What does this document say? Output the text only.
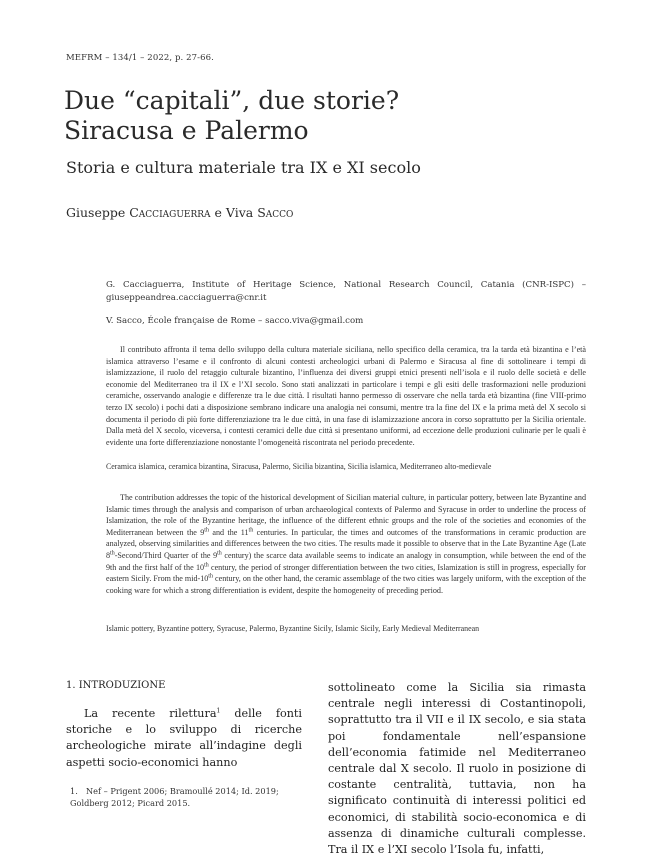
MEFRM – 134/1 – 2022, p. 27-66.
Due “capitali”, due storie?
Siracusa e Palermo
Storia e cultura materiale tra IX e XI secolo
Giuseppe Cacciaguerra e Viva Sacco
G. Cacciaguerra, Institute of Heritage Science, National Research Council, Catania (CNR-ISPC) – giuseppeandrea.cacciaguerra@cnr.it
V. Sacco, École française de Rome – sacco.viva@gmail.com

Il contributo affronta il tema dello sviluppo della cultura materiale siciliana, nello specifico della ceramica, tra la tarda età bizantina e l’età islamica attraverso l’esame e il confronto di alcuni contesti archeologici urbani di Palermo e Siracusa al fine di sottolineare i tempi di islamizzazione, il ruolo del retaggio culturale bizantino, l’influenza dei diversi gruppi etnici presenti nell’isola e il ruolo delle società e delle economie del Mediterraneo tra il IX e l’XI secolo. Sono stati analizzati in particolare i tempi e gli esiti delle trasformazioni nelle produzioni ceramiche, osservando analogie e differenze tra le due città. I risultati hanno permesso di osservare che nella tarda età bizantina (fine VIII-primo terzo IX secolo) i pochi dati a disposizione sembrano indicare una analogia nei consumi, mentre tra la fine del IX e la prima metà del X secolo si documenta il periodo di più forte differenziazione tra le due città, in una fase di islamizzazione ancora in corso soprattutto per la Sicilia orientale. Dalla metà del X secolo, viceversa, i contesti ceramici delle due città si presentano uniformi, ad eccezione delle produzioni culinarie per le quali è evidente una forte differenziazione nonostante l’omogeneità riscontrata nel periodo precedente.

Ceramica islamica, ceramica bizantina, Siracusa, Palermo, Sicilia bizantina, Sicilia islamica, Mediterraneo alto-medievale

The contribution addresses the topic of the historical development of Sicilian material culture, in particular pottery, between late Byzantine and Islamic times through the analysis and comparison of urban archaeological contexts of Palermo and Syracuse in order to underline the process of Islamization, the role of the Byzantine heritage, the influence of the different ethnic groups and the role of the societies and economies of the Mediterranean between the 9th and the 11th centuries. In particular, the times and outcomes of the transformations in ceramic production are analyzed, observing similarities and differences between the two cities. The results made it possible to observe that in the Late Byzantine Age (Late 8th-Second/Third Quarter of the 9th century) the scarce data available seems to indicate an analogy in consumption, while between the end of the 9th and the first half of the 10th century, the period of stronger differentiation between the two cities, Islamization is still in progress, especially for eastern Sicily. From the mid-10th century, on the other hand, the ceramic assemblage of the two cities was largely uniform, with the exception of the cooking ware for which a strong differentiation is evident, despite the homogeneity of preceding period.

Islamic pottery, Byzantine pottery, Syracuse, Palermo, Byzantine Sicily, Islamic Sicily, Early Medieval Mediterranean
1. INTRODUZIONE

La recente rilettura$^1$ delle fonti storiche e lo sviluppo di ricerche archeologiche mirate all’indagine degli aspetti socio-economici hanno

sottolineato come la Sicilia sia rimasta centrale negli interessi di Costantinopoli, soprattutto tra il VII e il IX secolo, e sia stata poi fondamentale nell’espansione dell’economia fatimide nel Mediterraneo centrale dal X secolo. Il ruolo in posizione di costante centralità, tuttavia, non ha significato continuità di interessi politici ed economici, di stabilità socio-economica e di assenza di dinamiche culturali complesse. Tra il IX e l’XI secolo l’Isola fu, infatti,

1. Nef – Prigent 2006; Bramoullé 2014; Id. 2019; Goldberg 2012; Picard 2015.
